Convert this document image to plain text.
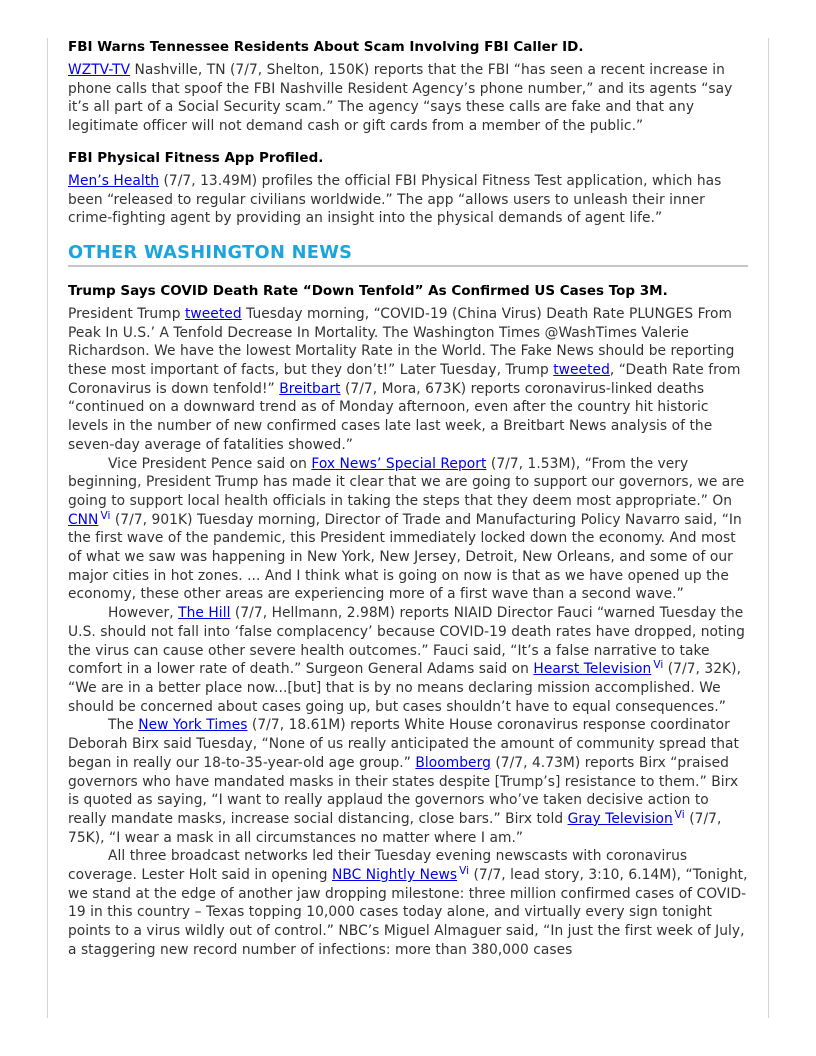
FBI Warns Tennessee Residents About Scam Involving FBI Caller ID.

WZTV-TV Nashville, TN (7/7, Shelton, 150K) reports that the FBI “has seen a recent increase in phone calls that spoof the FBI Nashville Resident Agency’s phone number,” and its agents “say it’s all part of a Social Security scam.” The agency “says these calls are fake and that any legitimate officer will not demand cash or gift cards from a member of the public.”

FBI Physical Fitness App Profiled.

Men’s Health (7/7, 13.49M) profiles the official FBI Physical Fitness Test application, which has been “released to regular civilians worldwide.” The app “allows users to unleash their inner crime-fighting agent by providing an insight into the physical demands of agent life.”

OTHER WASHINGTON NEWS
Trump Says COVID Death Rate “Down Tenfold” As Confirmed US Cases Top 3M.

President Trump tweeted Tuesday morning, “COVID-19 (China Virus) Death Rate PLUNGES From Peak In U.S.’ A Tenfold Decrease In Mortality. The Washington Times @WashTimes Valerie Richardson. We have the lowest Mortality Rate in the World. The Fake News should be reporting these most important of facts, but they don’t!” Later Tuesday, Trump tweeted, “Death Rate from Coronavirus is down tenfold!” Breitbart (7/7, Mora, 673K) reports coronavirus-linked deaths “continued on a downward trend as of Monday afternoon, even after the country hit historic levels in the number of new confirmed cases late last week, a Breitbart News analysis of the seven-day average of fatalities showed.”

Vice President Pence said on Fox News’ Special Report (7/7, 1.53M), “From the very beginning, President Trump has made it clear that we are going to support our governors, we are going to support local health officials in taking the steps that they deem most appropriate.” On CNN $^{Vi}$ (7/7, 901K) Tuesday morning, Director of Trade and Manufacturing Policy Navarro said, “In the first wave of the pandemic, this President immediately locked down the economy. And most of what we saw was happening in New York, New Jersey, Detroit, New Orleans, and some of our major cities in hot zones. ... And I think what is going on now is that as we have opened up the economy, these other areas are experiencing more of a first wave than a second wave.”

However, The Hill (7/7, Hellmann, 2.98M) reports NIAID Director Fauci “warned Tuesday the U.S. should not fall into ‘false complacency’ because COVID-19 death rates have dropped, noting the virus can cause other severe health outcomes.” Fauci said, “It’s a false narrative to take comfort in a lower rate of death.” Surgeon General Adams said on Hearst Television $^{Vi}$ (7/7, 32K), “We are in a better place now...[but] that is by no means declaring mission accomplished. We should be concerned about cases going up, but cases shouldn’t have to equal consequences.”

The New York Times (7/7, 18.61M) reports White House coronavirus response coordinator Deborah Birx said Tuesday, “None of us really anticipated the amount of community spread that began in really our 18-to-35-year-old age group.” Bloomberg (7/7, 4.73M) reports Birx “praised governors who have mandated masks in their states despite [Trump’s] resistance to them.” Birx is quoted as saying, “I want to really applaud the governors who’ve taken decisive action to really mandate masks, increase social distancing, close bars.” Birx told Gray Television $^{Vi}$ (7/7, 75K), “I wear a mask in all circumstances no matter where I am.”

All three broadcast networks led their Tuesday evening newscasts with coronavirus coverage. Lester Holt said in opening NBC Nightly News $^{Vi}$ (7/7, lead story, 3:10, 6.14M), “Tonight, we stand at the edge of another jaw dropping milestone: three million confirmed cases of COVID-19 in this country – Texas topping 10,000 cases today alone, and virtually every sign tonight points to a virus wildly out of control.” NBC’s Miguel Almaguer said, “In just the first week of July, a staggering new record number of infections: more than 380,000 cases
